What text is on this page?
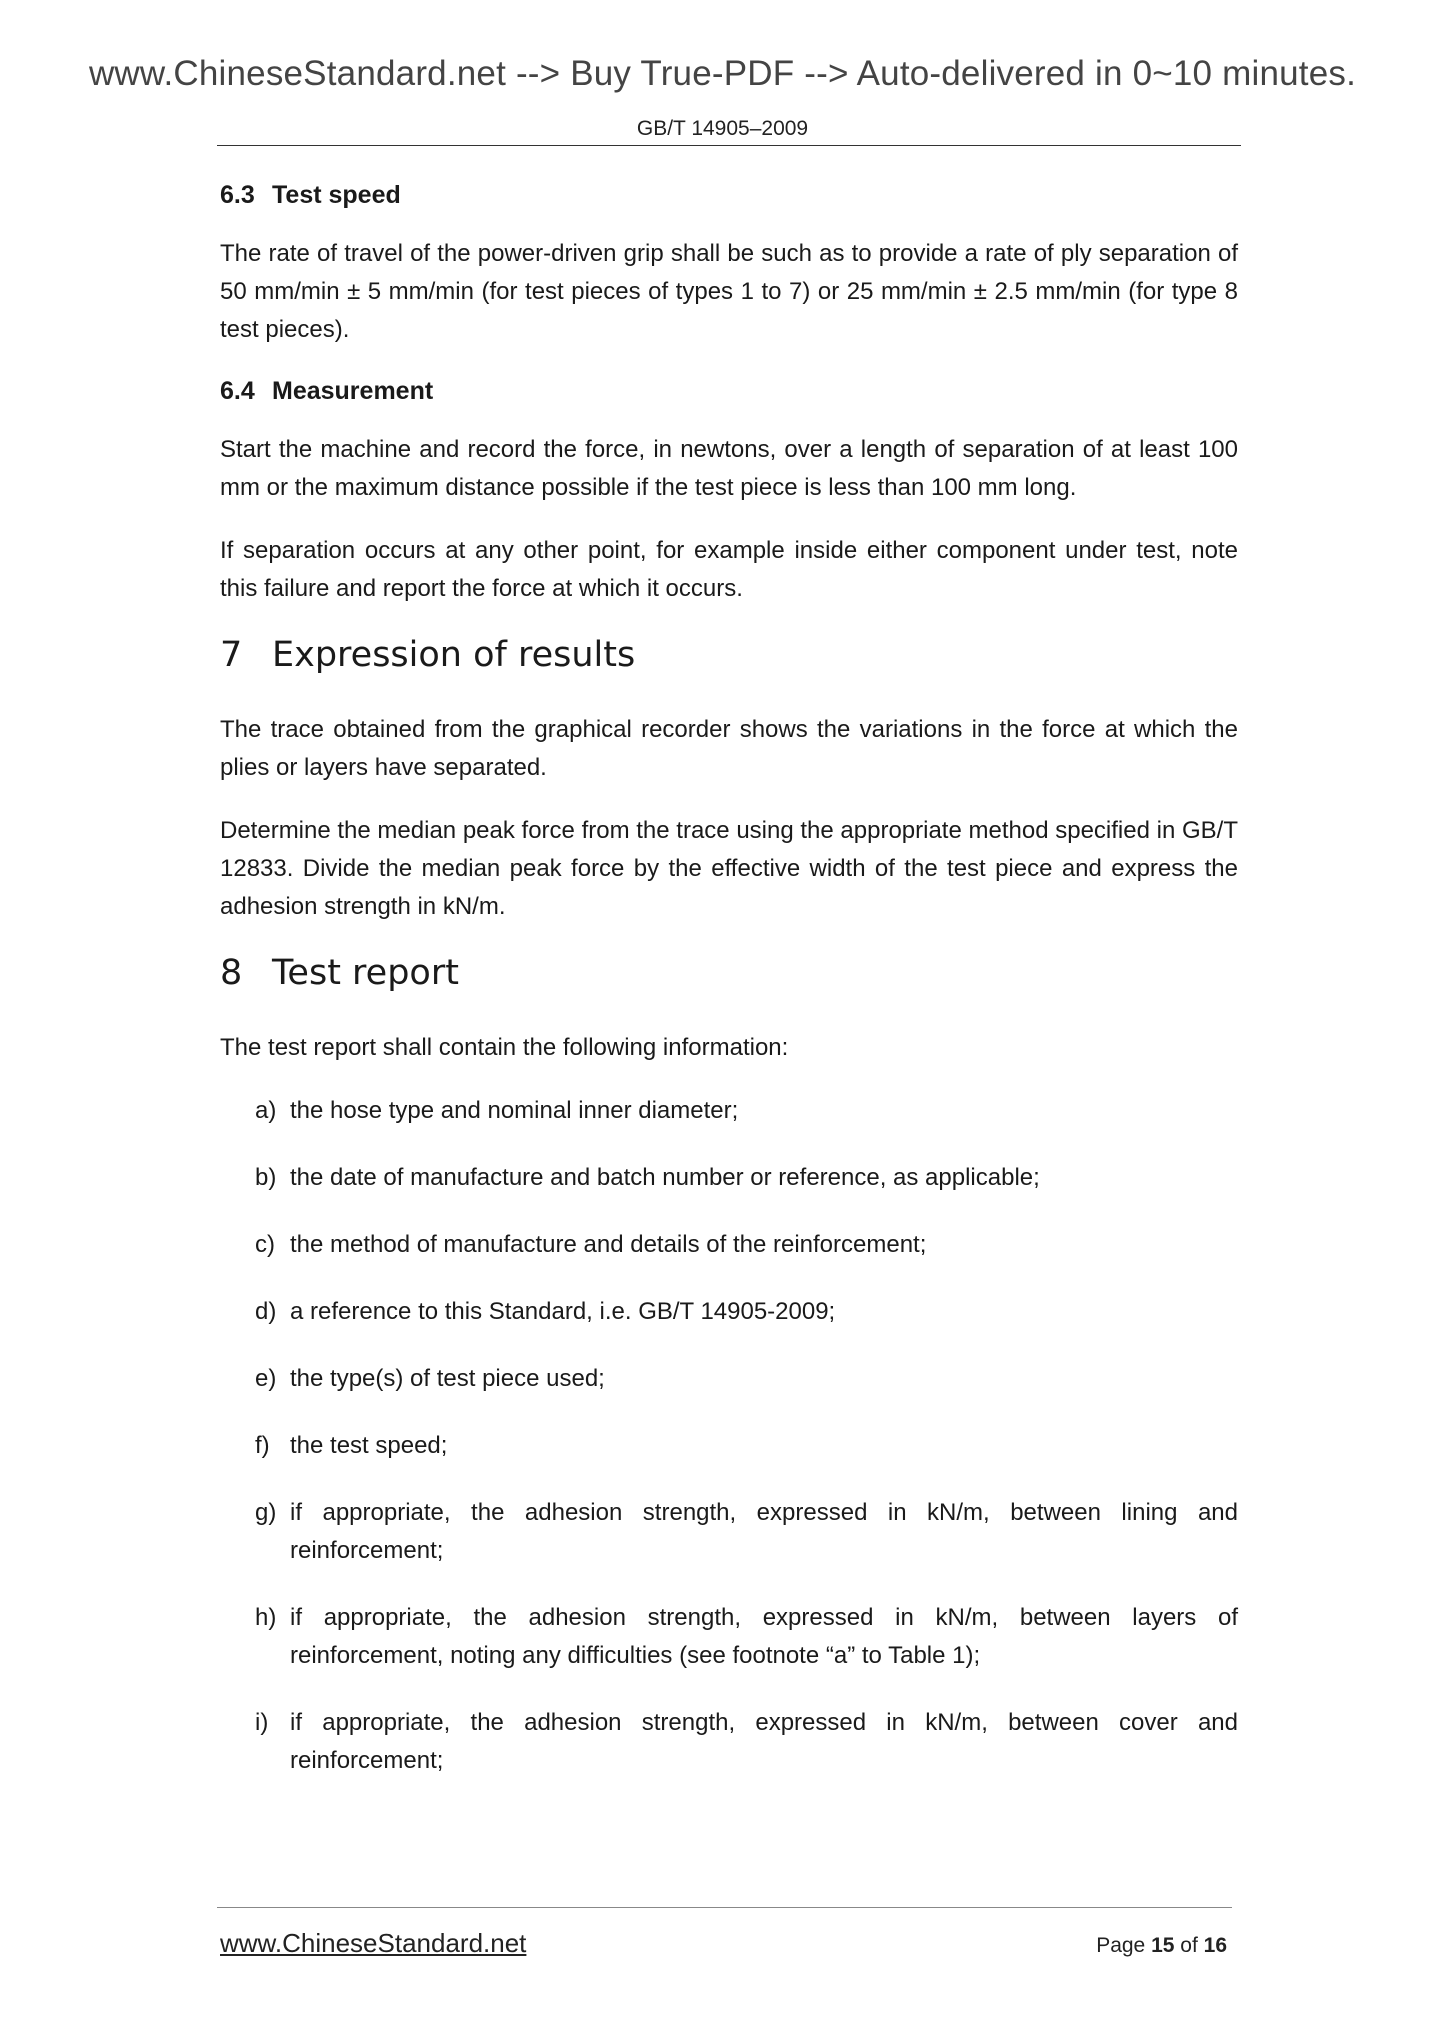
www.ChineseStandard.net --> Buy True-PDF --> Auto-delivered in 0~10 minutes.
GB/T 14905–2009
6.3 Test speed

The rate of travel of the power-driven grip shall be such as to provide a rate of ply separation of 50 mm/min ± 5 mm/min (for test pieces of types 1 to 7) or 25 mm/min ± 2.5 mm/min (for type 8 test pieces).

6.4 Measurement

Start the machine and record the force, in newtons, over a length of separation of at least 100 mm or the maximum distance possible if the test piece is less than 100 mm long.

If separation occurs at any other point, for example inside either component under test, note this failure and report the force at which it occurs.

7 Expression of results

The trace obtained from the graphical recorder shows the variations in the force at which the plies or layers have separated.

Determine the median peak force from the trace using the appropriate method specified in GB/T 12833. Divide the median peak force by the effective width of the test piece and express the adhesion strength in kN/m.

8 Test report

The test report shall contain the following information:

a) the hose type and nominal inner diameter;
b) the date of manufacture and batch number or reference, as applicable;
c) the method of manufacture and details of the reinforcement;
d) a reference to this Standard, i.e. GB/T 14905-2009;
e) the type(s) of test piece used;
f) the test speed;
g) if appropriate, the adhesion strength, expressed in kN/m, between lining and reinforcement;
h) if appropriate, the adhesion strength, expressed in kN/m, between layers of reinforcement, noting any difficulties (see footnote “a” to Table 1);
i) if appropriate, the adhesion strength, expressed in kN/m, between cover and reinforcement;
www.ChineseStandard.net	Page 15 of 16
